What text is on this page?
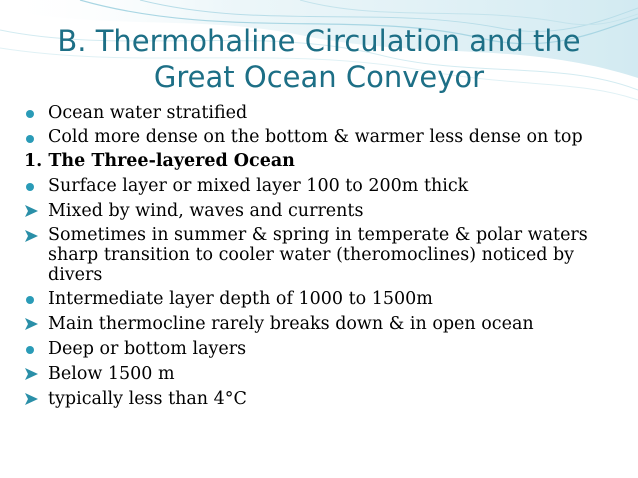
B. Thermohaline Circulation and the
Great Ocean Conveyor
Ocean water stratified
Cold more dense on the bottom & warmer less dense on top
1. The Three-layered Ocean
Surface layer or mixed layer 100 to 200m thick
Mixed by wind, waves and currents
Sometimes in summer & spring in temperate & polar waters sharp transition to cooler water (theromoclines) noticed by divers
Intermediate layer depth of 1000 to 1500m
Main thermocline rarely breaks down & in open ocean
Deep or bottom layers
Below 1500 m
typically less than 4°C
